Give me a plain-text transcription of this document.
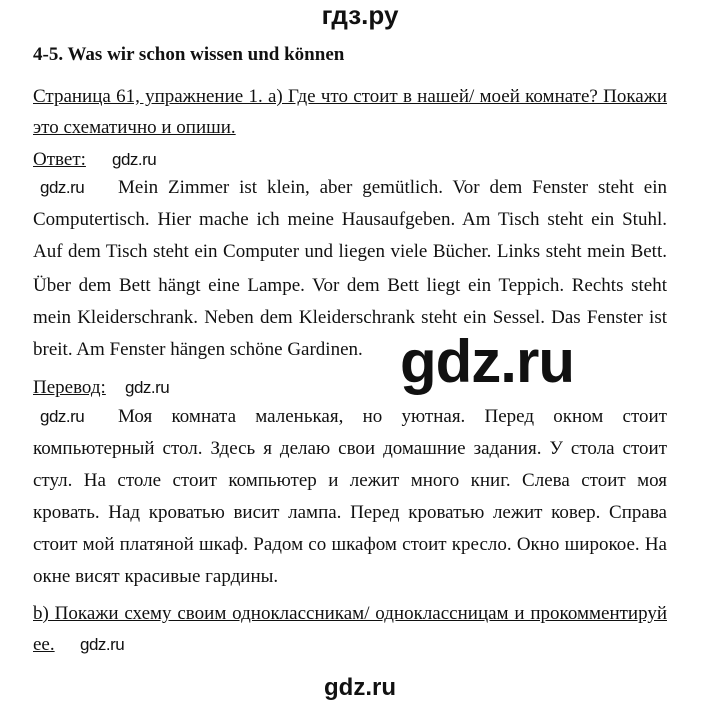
гдз.ру
4-5. Was wir schon wissen und können
Страница 61, упражнение 1. а) Где что стоит в нашей/ моей комнате? Покажи
это схематично и опиши.
Ответ: gdz.ru
gdz.ru Mein Zimmer ist klein, aber gemütlich. Vor dem Fenster steht ein
Computertisch. Hier mache ich meine Hausaufgeben. Am Tisch steht ein Stuhl.
Auf dem Tisch steht ein Computer und liegen viele Bücher. Links steht mein Bett.
Über dem Bett hängt eine Lampe. Vor dem Bett liegt ein Teppich. Rechts steht
mein Kleiderschrank. Neben dem Kleiderschrank steht ein Sessel. Das Fenster ist
breit. Am Fenster hängen schöne Gardinen. gdz.ru
Перевод: gdz.ru
gdz.ru Моя комната маленькая, но уютная. Перед окном стоит
компьютерный стол. Здесь я делаю свои домашние задания. У стола стоит
стул. На столе стоит компьютер и лежит много книг. Слева стоит моя
кровать. Над кроватью висит лампа. Перед кроватью лежит ковер. Справа
стоит мой платяной шкаф. Радом со шкафом стоит кресло. Окно широкое. На
окне висят красивые гардины.
b) Покажи схему своим одноклассникам/ одноклассницам и прокомментируй
ее. gdz.ru
gdz.ru
